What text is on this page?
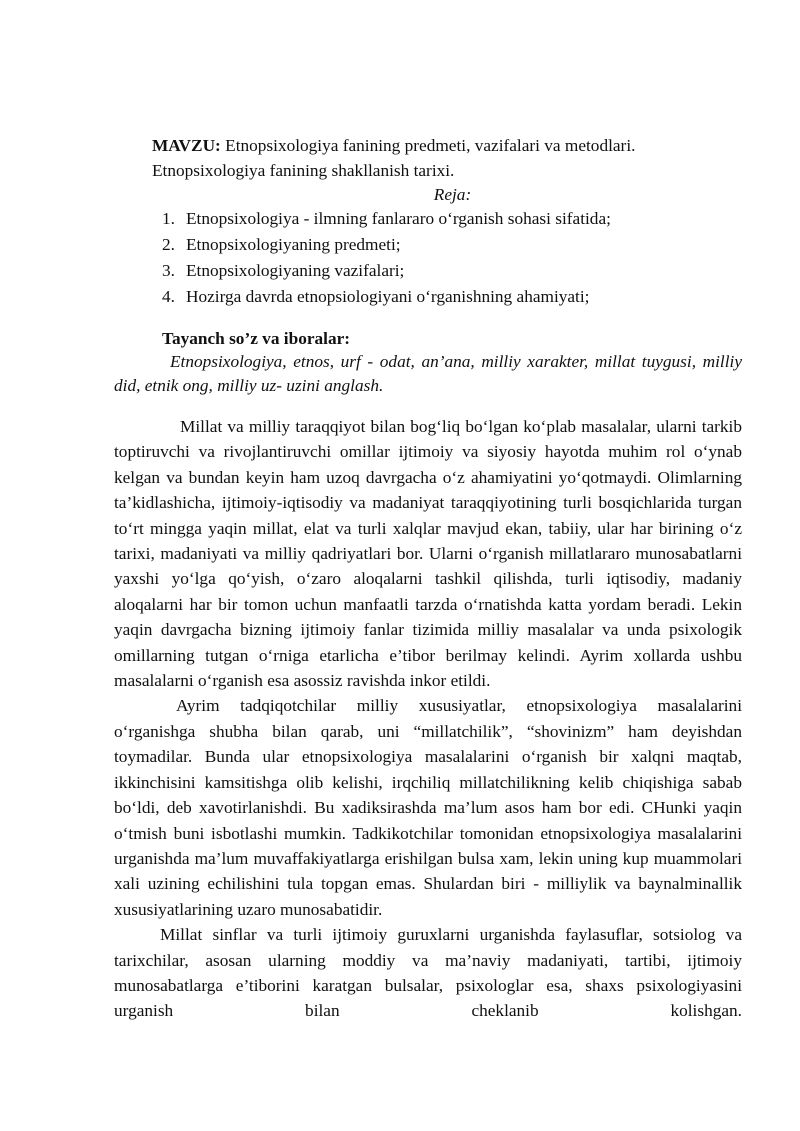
MAVZU: Etnopsixologiya fanining predmeti, vazifalari va metodlari.
Etnopsixologiya fanining shakllanish tarixi.
Reja:
1. Etnopsixologiya - ilmning fanlararo o‘rganish sohasi sifatida;
2. Etnopsixologiyaning predmeti;
3. Etnopsixologiyaning vazifalari;
4. Hozirga davrda etnopsiologiyani o‘rganishning ahamiyati;
Tayanch so’z va iboralar:
Etnopsixologiya, etnos, urf - odat, an’ana, milliy xarakter, millat tuygusi, milliy did, etnik ong, milliy uz- uzini anglash.

Millat va milliy taraqqiyot bilan bog‘liq bo‘lgan ko‘plab masalalar, ularni tarkib toptiruvchi va rivojlantiruvchi omillar ijtimoiy va siyosiy hayotda muhim rol o‘ynab kelgan va bundan keyin ham uzoq davrgacha o‘z ahamiyatini yo‘qotmaydi. Olimlarning ta’kidlashicha, ijtimoiy-iqtisodiy va madaniyat taraqqiyotining turli bosqichlarida turgan to‘rt mingga yaqin millat, elat va turli xalqlar mavjud ekan, tabiiy, ular har birining o‘z tarixi, madaniyati va milliy qadriyatlari bor. Ularni o‘rganish millatlararo munosabatlarni yaxshi yo‘lga qo‘yish, o‘zaro aloqalarni tashkil qilishda, turli iqtisodiy, madaniy aloqalarni har bir tomon uchun manfaatli tarzda o‘rnatishda katta yordam beradi. Lekin yaqin davrgacha bizning ijtimoiy fanlar tizimida milliy masalalar va unda psixologik omillarning tutgan o‘rniga etarlicha e’tibor berilmay kelindi. Ayrim xollarda ushbu masalalarni o‘rganish esa asossiz ravishda inkor etildi.

Ayrim tadqiqotchilar milliy xususiyatlar, etnopsixologiya masalalarini o‘rganishga shubha bilan qarab, uni “millatchilik”, “shovinizm” ham deyishdan toymadilar. Bunda ular etnopsixologiya masalalarini o‘rganish bir xalqni maqtab, ikkinchisini kamsitishga olib kelishi, irqchiliq millatchilikning kelib chiqishiga sabab bo‘ldi, deb xavotirlanishdi. Bu xadiksirashda ma’lum asos ham bor edi. CHunki yaqin o‘tmish buni isbotlashi mumkin. Tadkikotchilar tomonidan etnopsixologiya masalalarini urganishda ma’lum muvaffakiyatlarga erishilgan bulsa xam, lekin uning kup muammolari xali uzining echilishini tula topgan emas. Shulardan biri - milliylik va baynalminallik xususiyatlarining uzaro munosabatidir.

Millat sinflar va turli ijtimoiy guruxlarni urganishda faylasuflar, sotsiolog va tarixchilar, asosan ularning moddiy va ma’naviy madaniyati, tartibi, ijtimoiy munosabatlarga e’tiborini karatgan bulsalar, psixologlar esa, shaxs psixologiyasini urganish bilan cheklanib kolishgan.
